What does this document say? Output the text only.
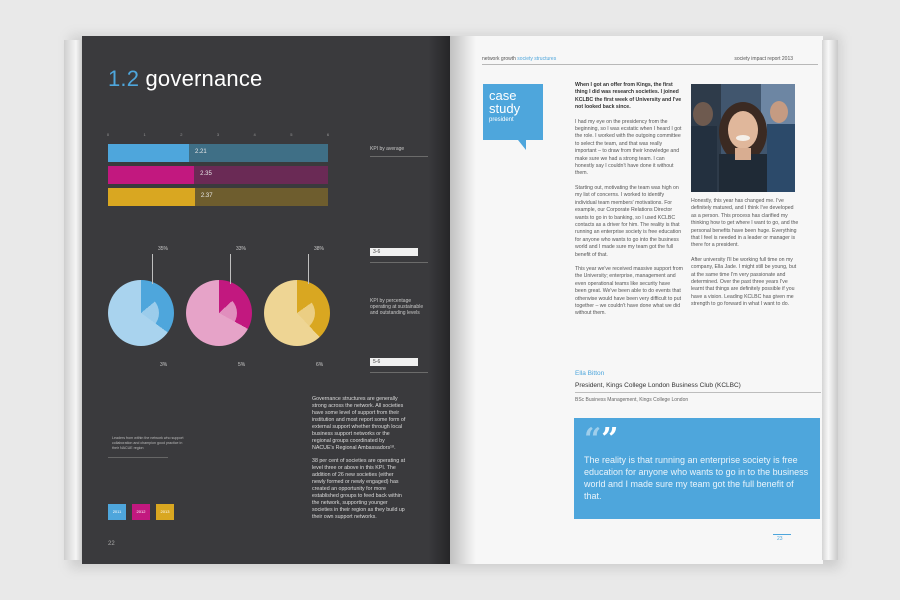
1.2 governance
0	1	2	3	4	5	6
2.21
2.35
2.37
KPI by average
3-6
KPI by percentage operating at sustainable and outstanding levels
5-6
35%
3%
33%
5%
38%
6%
Leaders from within the network who support collaboration and champion good practice in their NACUE region

Governance structures are generally strong across the network. All societies have some level of support from their institution and most report some form of external support whether through local business support networks or the regional groups coordinated by NACUE's Regional Ambassadors¹⁸.

38 per cent of societies are operating at level three or above in this KPI. The addition of 26 new societies (either newly formed or newly engaged) has created an opportunity for more established groups to feed back within the network, supporting younger societies in their region as they build up their own support networks.

2011	2012	2013
22
network growth society structures	society impact report 2013
case
study
president

When I got an offer from Kings, the first thing I did was research societies. I joined KCLBC the first week of University and I've not looked back since.

I had my eye on the presidency from the beginning, so I was ecstatic when I heard I got the role. I worked with the outgoing committee to select the team, and that was really important – to draw from their knowledge and make sure we had a strong team. I can honestly say I couldn't have done it without them.

Starting out, motivating the team was high on my list of concerns. I worked to identify individual team members' motivations. For example, our Corporate Relations Director wants to go in to banking, so I used KCLBC contacts as a driver for him. The reality is that running an enterprise society is free education for anyone who wants to go into the business world and I made sure my team got the full benefit of that.

This year we've received massive support from the University; enterprise, management and even operational teams like security have been great. We've been able to do events that otherwise would have been very difficult to put together – we couldn't have done what we did without them.

Honestly, this year has changed me. I've definitely matured, and I think I've developed as a person. This process has clarified my thinking how to get where I want to go, and the personal benefits have been huge. Everything that I feel is needed in a leader or manager is there for a president.

After university I'll be working full time on my company, Ella Jade. I might still be young, but at the same time I'm very passionate and determined. Over the past three years I've learnt that things are definitely possible if you have a vision. Leading KCLBC has given me strength to go forward in what I want to do.

Ella Bitton
President, Kings College London Business Club (KCLBC)
BSc Business Management, Kings College London
“”
The reality is that running an enterprise society is free education for anyone who wants to go in to the business world and I made sure my team got the full benefit of that.
23
